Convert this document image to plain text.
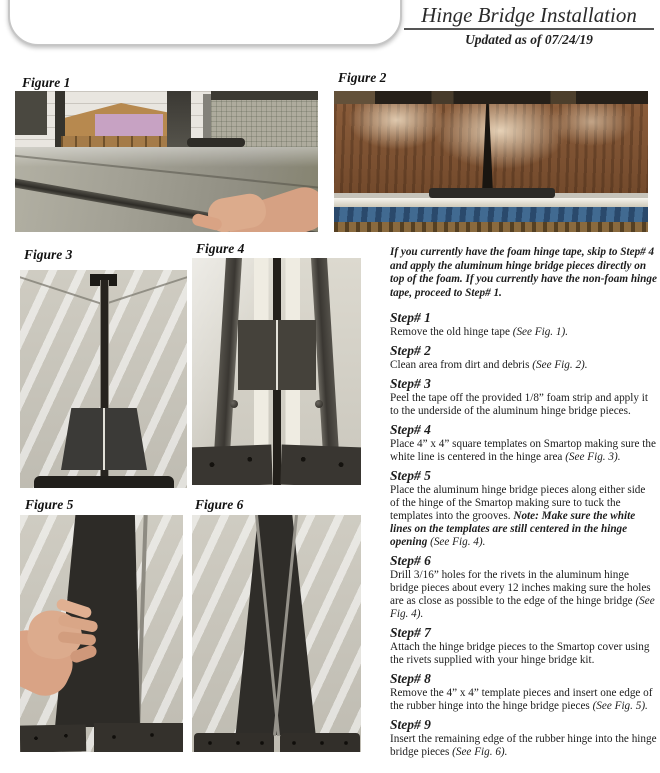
Hinge Bridge Installation
Updated as of 07/24/19
Figure 1	Figure 2
Figure 3	Figure 4
Figure 5	Figure 6
If you currently have the foam hinge tape, skip to Step# 4 and apply the aluminum hinge bridge pieces directly on top of the foam. If you currently have the non-foam hinge tape, proceed to Step# 1.
Step# 1
Remove the old hinge tape (See Fig. 1).
Step# 2
Clean area from dirt and debris (See Fig. 2).
Step# 3
Peel the tape off the provided 1/8” foam strip and apply it to the underside of the aluminum hinge bridge pieces.
Step# 4
Place 4” x 4” square templates on Smartop making sure the white line is centered in the hinge area (See Fig. 3).
Step# 5
Place the aluminum hinge bridge pieces along either side of the hinge of the Smartop making sure to tuck the templates into the grooves. Note: Make sure the white lines on the templates are still centered in the hinge opening (See Fig. 4).
Step# 6
Drill 3/16” holes for the rivets in the aluminum hinge bridge pieces about every 12 inches making sure the holes are as close as possible to the edge of the hinge bridge (See Fig. 4).
Step# 7
Attach the hinge bridge pieces to the Smartop cover using the rivets supplied with your hinge bridge kit.
Step# 8
Remove the 4” x 4” template pieces and insert one edge of the rubber hinge into the hinge bridge pieces (See Fig. 5).
Step# 9
Insert the remaining edge of the rubber hinge into the hinge bridge pieces (See Fig. 6).
